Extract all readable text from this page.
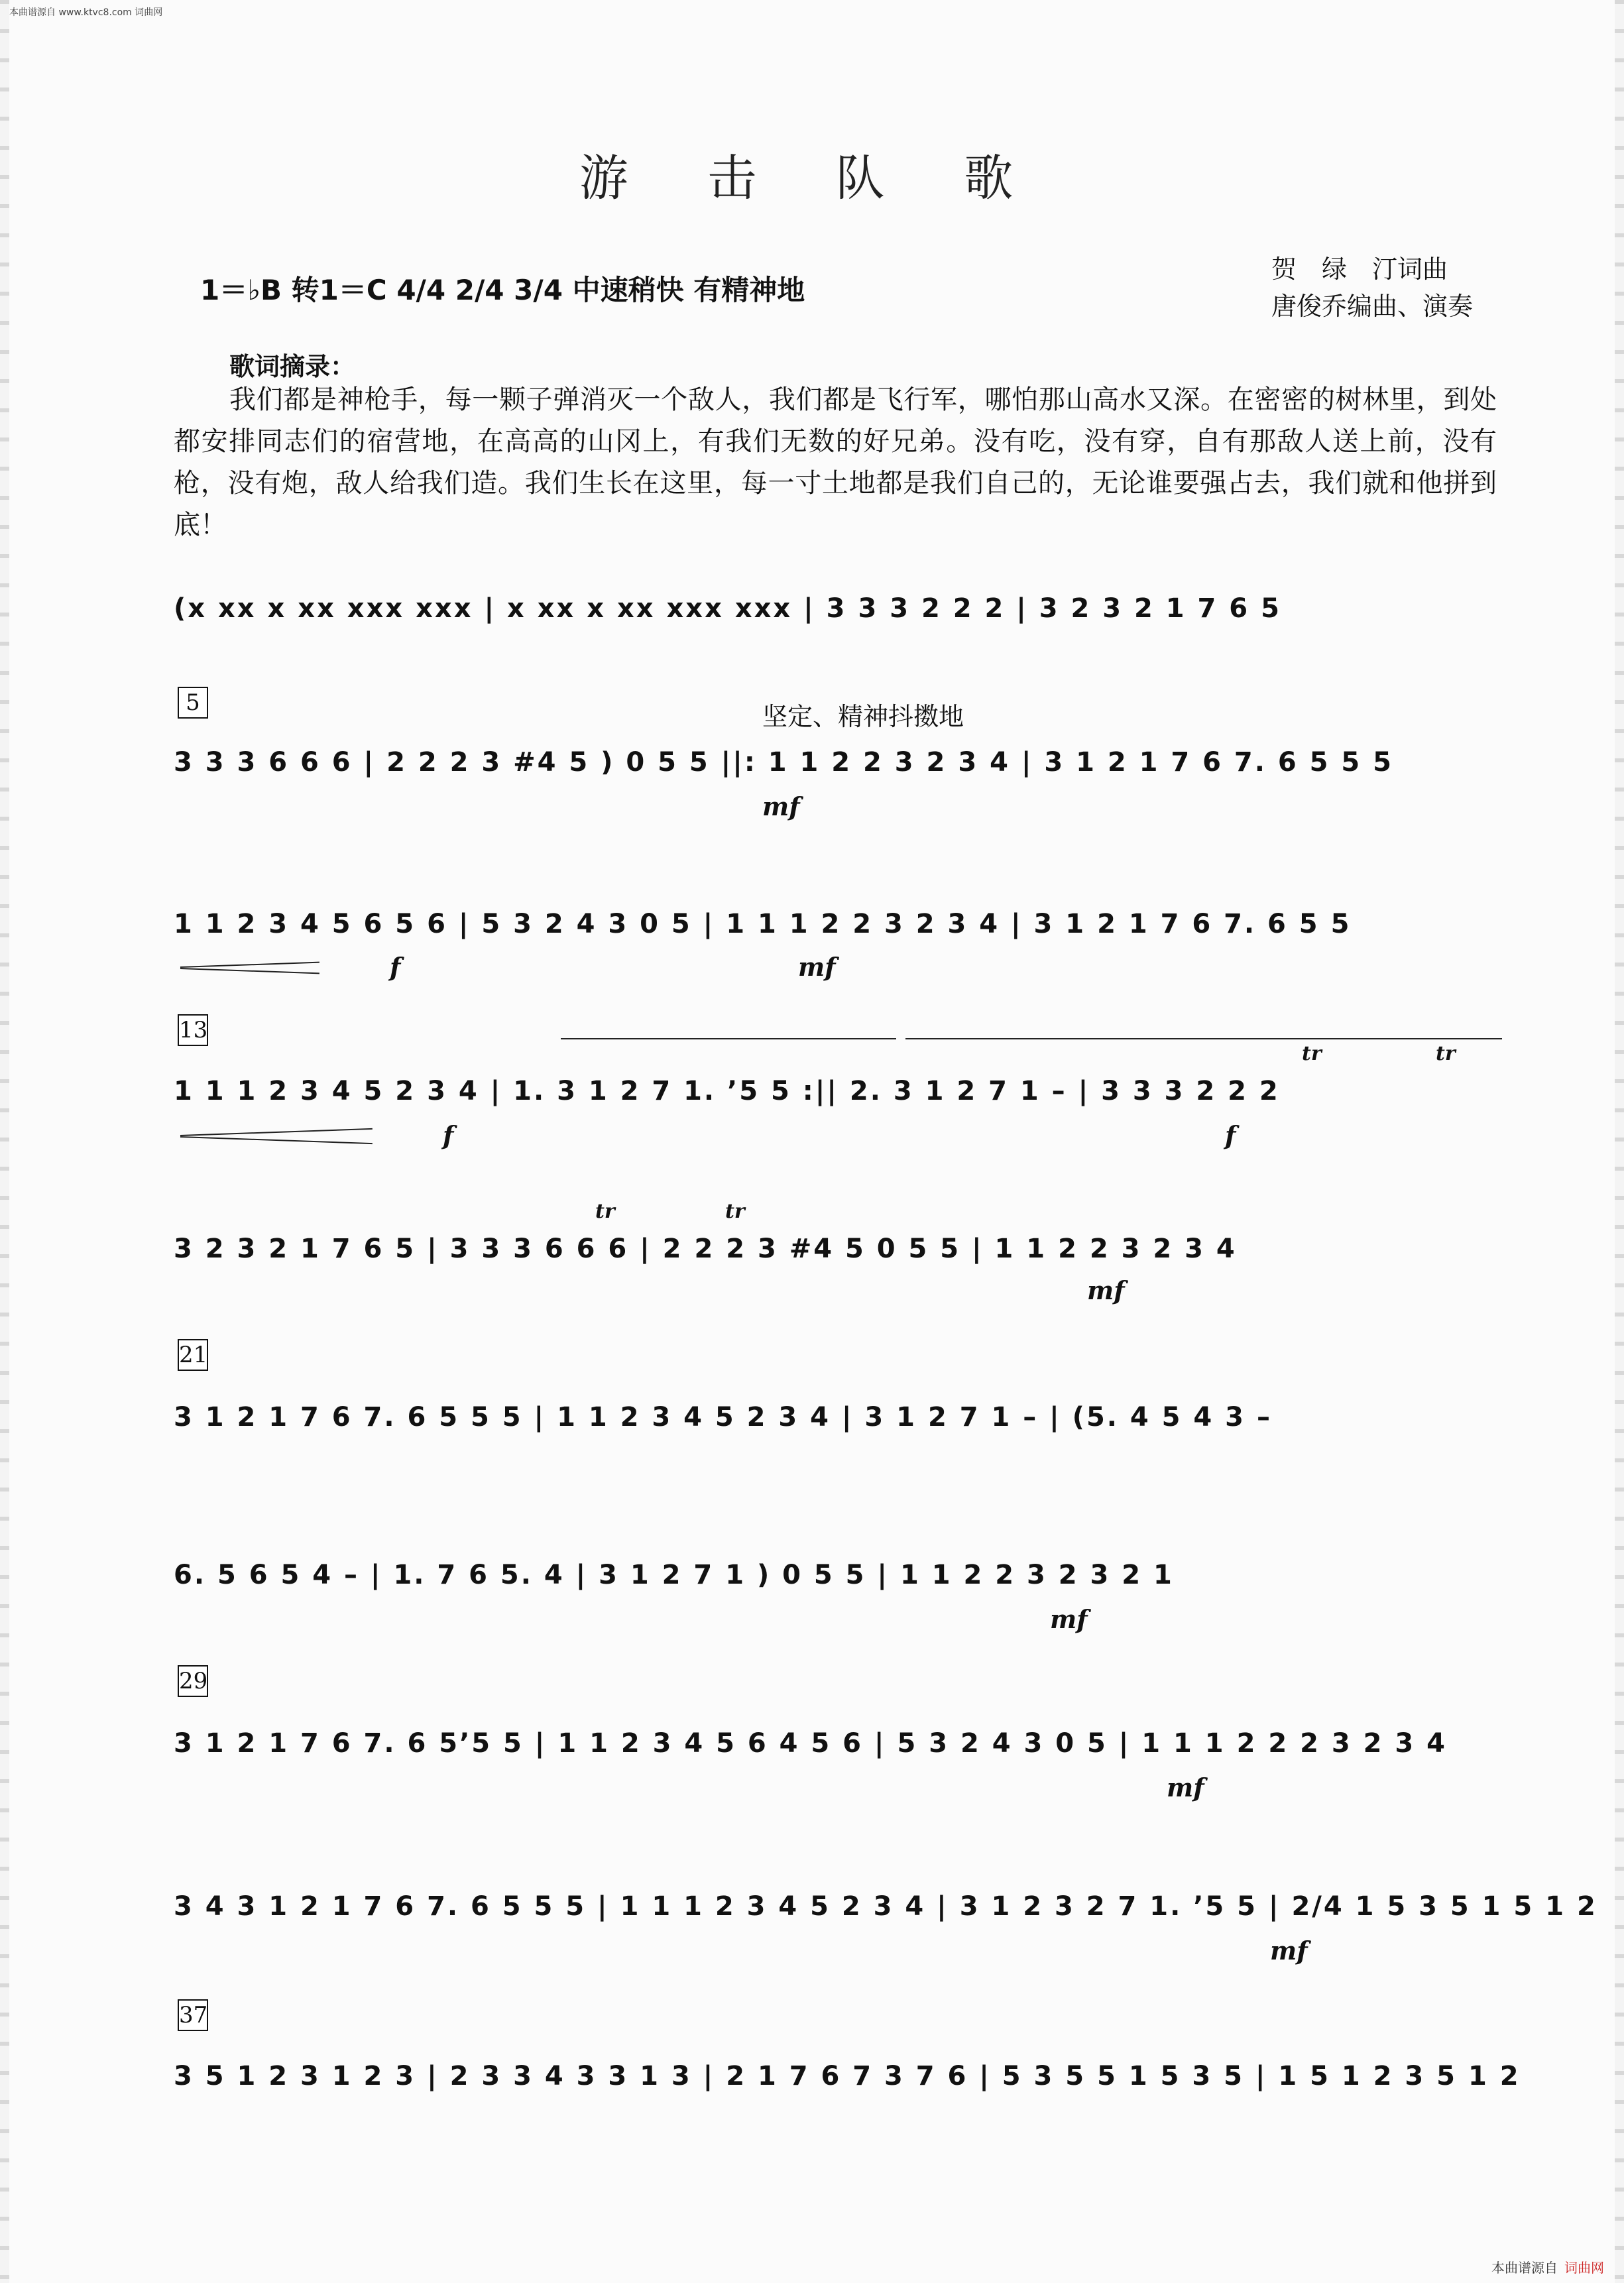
本曲谱源自 www.ktvc8.com 词曲网
游 击 队 歌
1＝♭B 转1＝C 4/4 2/4 3/4 中速稍快 有精神地
贺　绿　汀词曲
唐俊乔编曲、演奏
歌词摘录：
我们都是神枪手，每一颗子弹消灭一个敌人，我们都是飞行军，哪怕那山高水又深。在密密的树林里，到处都安排同志们的宿营地，在高高的山冈上，有我们无数的好兄弟。没有吃，没有穿，自有那敌人送上前，没有枪，没有炮，敌人给我们造。我们生长在这里，每一寸土地都是我们自己的，无论谁要强占去，我们就和他拼到底！
5
13
21
29
37
坚定、精神抖擞地
(x xx x xx xxx xxx | x xx x xx xxx xxx | 3 3 3 2 2 2 | 3 2 3 2 1 7 6 5
3 3 3 6 6 6 | 2 2 2 3 #4 5 ) 0 5 5 ||: 1 1 2 2 3 2 3 4 | 3 1 2 1 7 6 7. 6 5 5 5
1 1 2 3 4 5 6 5 6 | 5 3 2 4 3 0 5 | 1 1 1 2 2 3 2 3 4 | 3 1 2 1 7 6 7. 6 5 5
1 1 1 2 3 4 5 2 3 4 | 1. 3 1 2 7 1. ’5 5 :|| 2. 3 1 2 7 1 – | 3 3 3 2 2 2
3 2 3 2 1 7 6 5 | 3 3 3 6 6 6 | 2 2 2 3 #4 5 0 5 5 | 1 1 2 2 3 2 3 4
3 1 2 1 7 6 7. 6 5 5 5 | 1 1 2 3 4 5 2 3 4 | 3 1 2 7 1 – | (5. 4 5 4 3 –
6. 5 6 5 4 – | 1. 7 6 5. 4 | 3 1 2 7 1 ) 0 5 5 | 1 1 2 2 3 2 3 2 1
3 1 2 1 7 6 7. 6 5’5 5 | 1 1 2 3 4 5 6 4 5 6 | 5 3 2 4 3 0 5 | 1 1 1 2 2 2 3 2 3 4
3 4 3 1 2 1 7 6 7. 6 5 5 5 | 1 1 1 2 3 4 5 2 3 4 | 3 1 2 3 2 7 1. ’5 5 | 2/4 1 5 3 5 1 5 1 2
3 5 1 2 3 1 2 3 | 2 3 3 4 3 3 1 3 | 2 1 7 6 7 3 7 6 | 5 3 5 5 1 5 3 5 | 1 5 1 2 3 5 1 2
mf
f	mf
f	f
mf
mf
mf
mf
tr	tr
tr	tr
本曲谱源自 词曲网
